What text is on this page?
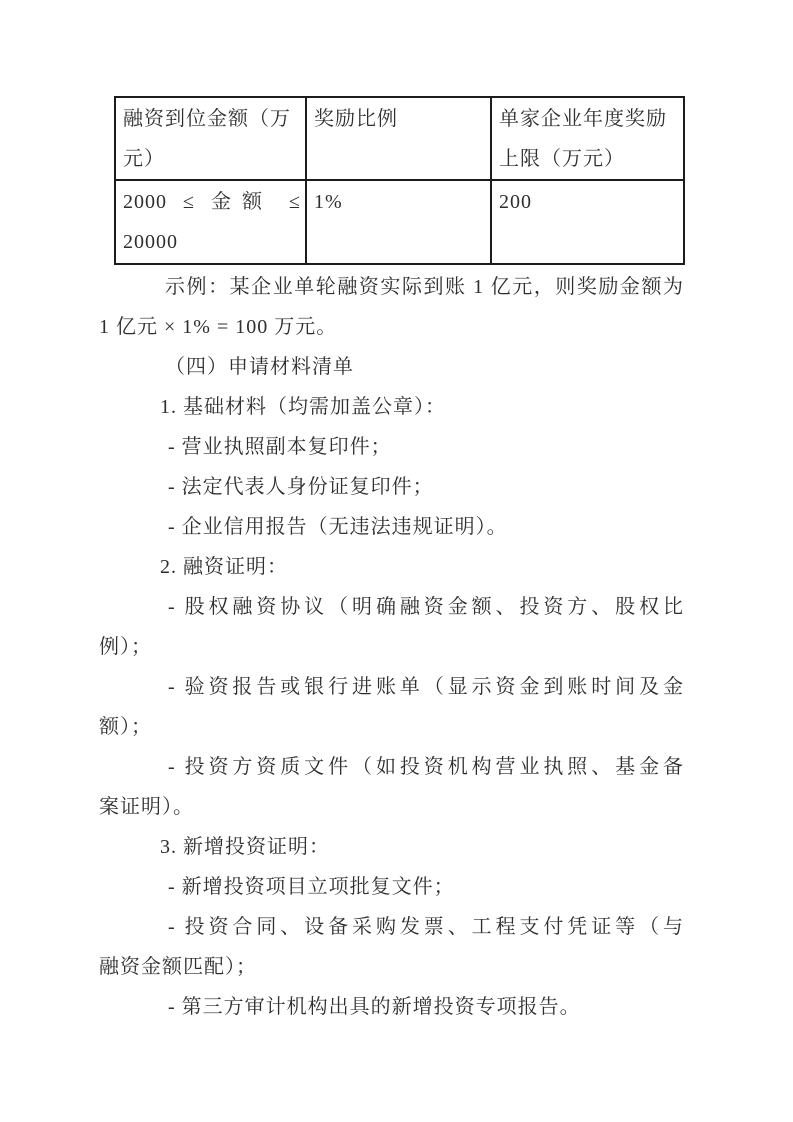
融资到位金额（万元）	奖励比例	单家企业年度奖励上限（万元）
2000 ≤ 金额 ≤ 20000	1%	200
示例：某企业单轮融资实际到账 1 亿元，则奖励金额为
1 亿元 × 1% = 100 万元。
（四）申请材料清单
1. 基础材料（均需加盖公章）：
- 营业执照副本复印件；
- 法定代表人身份证复印件；
- 企业信用报告（无违法违规证明）。
2. 融资证明：
- 股权融资协议（明确融资金额、投资方、股权比
例）；
- 验资报告或银行进账单（显示资金到账时间及金
额）；
- 投资方资质文件（如投资机构营业执照、基金备
案证明）。
3. 新增投资证明：
- 新增投资项目立项批复文件；
- 投资合同、设备采购发票、工程支付凭证等（与
融资金额匹配）；
- 第三方审计机构出具的新增投资专项报告。
